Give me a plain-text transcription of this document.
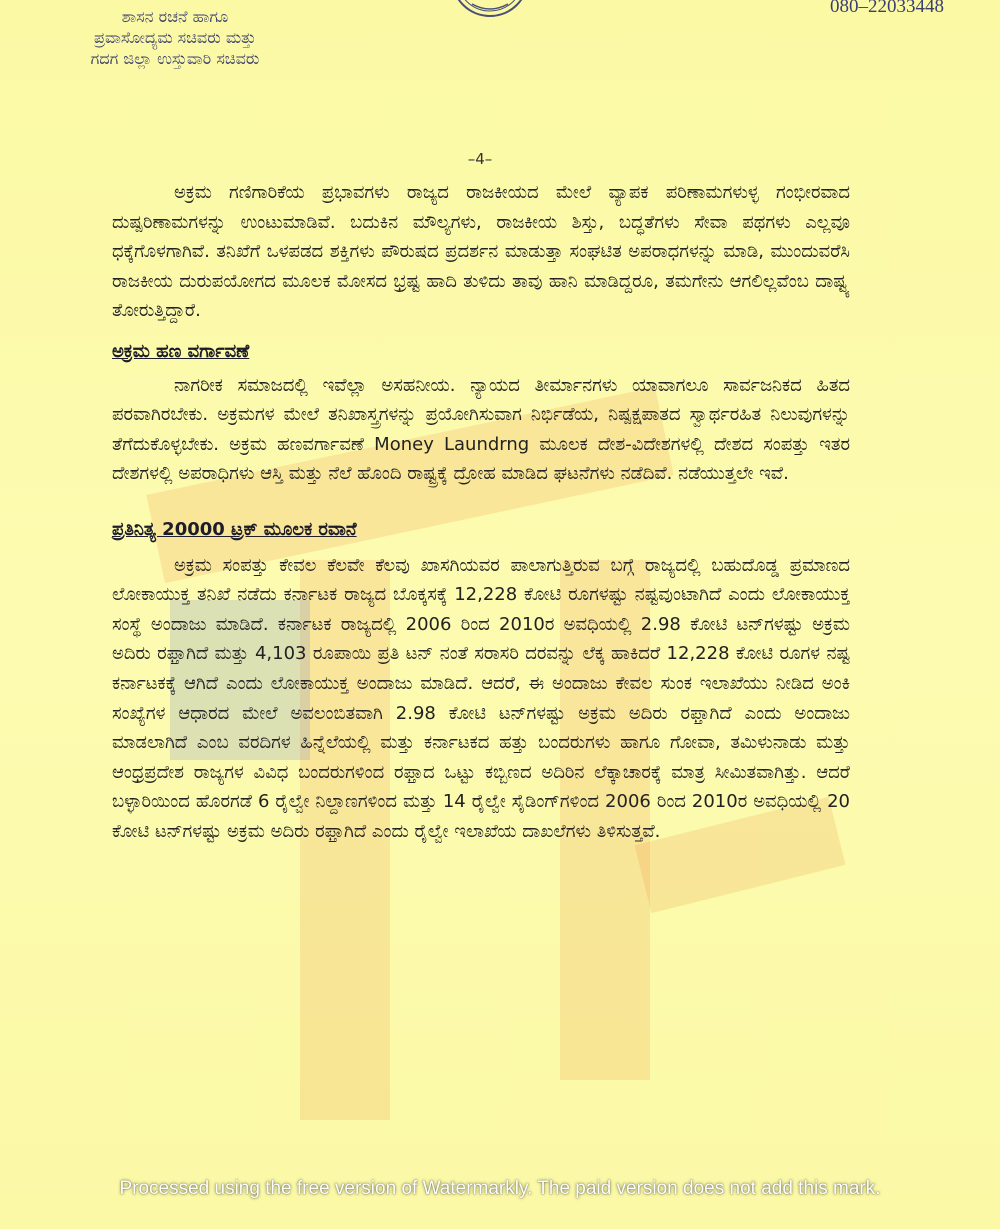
ಶಾಸನ ರಚನೆ ಹಾಗೂ
ಪ್ರವಾಸೋದ್ಯಮ ಸಚಿವರು ಮತ್ತು
ಗದಗ ಜಿಲ್ಲಾ ಉಸ್ತುವಾರಿ ಸಚಿವರು
080–22033448
–4–

ಅಕ್ರಮ ಗಣಿಗಾರಿಕೆಯ ಪ್ರಭಾವಗಳು ರಾಜ್ಯದ ರಾಜಕೀಯದ ಮೇಲೆ ವ್ಯಾಪಕ ಪರಿಣಾಮಗಳುಳ್ಳ ಗಂಭೀರವಾದ ದುಷ್ಪರಿಣಾಮಗಳನ್ನು ಉಂಟುಮಾಡಿವೆ. ಬದುಕಿನ ಮೌಲ್ಯಗಳು, ರಾಜಕೀಯ ಶಿಸ್ತು, ಬದ್ಧತೆಗಳು ಸೇವಾ ಪಥಗಳು ಎಲ್ಲವೂ ಧಕ್ಕೆಗೊಳಗಾಗಿವೆ. ತನಿಖೆಗೆ ಒಳಪಡದ ಶಕ್ತಿಗಳು ಪೌರುಷದ ಪ್ರದರ್ಶನ ಮಾಡುತ್ತಾ ಸಂಘಟಿತ ಅಪರಾಧಗಳನ್ನು ಮಾಡಿ, ಮುಂದುವರೆಸಿ ರಾಜಕೀಯ ದುರುಪಯೋಗದ ಮೂಲಕ ಮೋಸದ ಭ್ರಷ್ಟ ಹಾದಿ ತುಳಿದು ತಾವು ಹಾನಿ ಮಾಡಿದ್ದರೂ, ತಮಗೇನು ಆಗಲಿಲ್ಲವೆಂಬ ದಾಷ್ಟ್ಯ ತೋರುತ್ತಿದ್ದಾರೆ.

ಅಕ್ರಮ ಹಣ ವರ್ಗಾವಣೆ

ನಾಗರೀಕ ಸಮಾಜದಲ್ಲಿ ಇವೆಲ್ಲಾ ಅಸಹನೀಯ. ನ್ಯಾಯದ ತೀರ್ಮಾನಗಳು ಯಾವಾಗಲೂ ಸಾರ್ವಜನಿಕದ ಹಿತದ ಪರವಾಗಿರಬೇಕು. ಅಕ್ರಮಗಳ ಮೇಲೆ ತನಿಖಾಸ್ತ್ರಗಳನ್ನು ಪ್ರಯೋಗಿಸುವಾಗ ನಿರ್ಭಿಡೆಯ, ನಿಷ್ಪಕ್ಷಪಾತದ ಸ್ವಾರ್ಥರಹಿತ ನಿಲುವುಗಳನ್ನು ತೆಗೆದುಕೊಳ್ಳಬೇಕು. ಅಕ್ರಮ ಹಣವರ್ಗಾವಣೆ Money Laundrng ಮೂಲಕ ದೇಶ-ವಿದೇಶಗಳಲ್ಲಿ ದೇಶದ ಸಂಪತ್ತು ಇತರ ದೇಶಗಳಲ್ಲಿ ಅಪರಾಧಿಗಳು ಆಸ್ತಿ ಮತ್ತು ನೆಲೆ ಹೊಂದಿ ರಾಷ್ಟ್ರಕ್ಕೆ ದ್ರೋಹ ಮಾಡಿದ ಘಟನೆಗಳು ನಡೆದಿವೆ. ನಡೆಯುತ್ತಲೇ ಇವೆ.

ಪ್ರತಿನಿತ್ಯ 20000 ಟ್ರಕ್ ಮೂಲಕ ರವಾನೆ

ಅಕ್ರಮ ಸಂಪತ್ತು ಕೇವಲ ಕೆಲವೇ ಕೆಲವು ಖಾಸಗಿಯವರ ಪಾಲಾಗುತ್ತಿರುವ ಬಗ್ಗೆ ರಾಜ್ಯದಲ್ಲಿ ಬಹುದೊಡ್ಡ ಪ್ರಮಾಣದ ಲೋಕಾಯುಕ್ತ ತನಿಖೆ ನಡೆದು ಕರ್ನಾಟಕ ರಾಜ್ಯದ ಬೊಕ್ಕಸಕ್ಕೆ 12,228 ಕೋಟಿ ರೂಗಳಷ್ಟು ನಷ್ಟವುಂಟಾಗಿದೆ ಎಂದು ಲೋಕಾಯುಕ್ತ ಸಂಸ್ಥೆ ಅಂದಾಜು ಮಾಡಿದೆ. ಕರ್ನಾಟಕ ರಾಜ್ಯದಲ್ಲಿ 2006 ರಿಂದ 2010ರ ಅವಧಿಯಲ್ಲಿ 2.98 ಕೋಟಿ ಟನ್‌ಗಳಷ್ಟು ಅಕ್ರಮ ಅದಿರು ರಫ್ತಾಗಿದೆ ಮತ್ತು 4,103 ರೂಪಾಯಿ ಪ್ರತಿ ಟನ್ ನಂತೆ ಸರಾಸರಿ ದರವನ್ನು ಲೆಕ್ಕ ಹಾಕಿದರೆ 12,228 ಕೋಟಿ ರೂಗಳ ನಷ್ಟ ಕರ್ನಾಟಕಕ್ಕೆ ಆಗಿದೆ ಎಂದು ಲೋಕಾಯುಕ್ತ ಅಂದಾಜು ಮಾಡಿದೆ. ಆದರೆ, ಈ ಅಂದಾಜು ಕೇವಲ ಸುಂಕ ಇಲಾಖೆಯು ನೀಡಿದ ಅಂಕಿ ಸಂಖ್ಯೆಗಳ ಆಧಾರದ ಮೇಲೆ ಅವಲಂಬಿತವಾಗಿ 2.98 ಕೋಟಿ ಟನ್‌ಗಳಷ್ಟು ಅಕ್ರಮ ಅದಿರು ರಫ್ತಾಗಿದೆ ಎಂದು ಅಂದಾಜು ಮಾಡಲಾಗಿದೆ ಎಂಬ ವರದಿಗಳ ಹಿನ್ನೆಲೆಯಲ್ಲಿ ಮತ್ತು ಕರ್ನಾಟಕದ ಹತ್ತು ಬಂದರುಗಳು ಹಾಗೂ ಗೋವಾ, ತಮಿಳುನಾಡು ಮತ್ತು ಆಂಧ್ರಪ್ರದೇಶ ರಾಜ್ಯಗಳ ವಿವಿಧ ಬಂದರುಗಳಿಂದ ರಫ್ತಾದ ಒಟ್ಟು ಕಬ್ಬಿಣದ ಅದಿರಿನ ಲೆಕ್ಕಾಚಾರಕ್ಕೆ ಮಾತ್ರ ಸೀಮಿತವಾಗಿತ್ತು. ಆದರೆ ಬಳ್ಳಾರಿಯಿಂದ ಹೊರಗಡೆ 6 ರೈಲ್ವೇ ನಿಲ್ದಾಣಗಳಿಂದ ಮತ್ತು 14 ರೈಲ್ವೇ ಸೈಡಿಂಗ್‌ಗಳಿಂದ 2006 ರಿಂದ 2010ರ ಅವಧಿಯಲ್ಲಿ 20 ಕೋಟಿ ಟನ್‌ಗಳಷ್ಟು ಅಕ್ರಮ ಅದಿರು ರಫ್ತಾಗಿದೆ ಎಂದು ರೈಲ್ವೇ ಇಲಾಖೆಯ ದಾಖಲೆಗಳು ತಿಳಿಸುತ್ತವೆ.

Processed using the free version of Watermarkly. The paid version does not add this mark.
